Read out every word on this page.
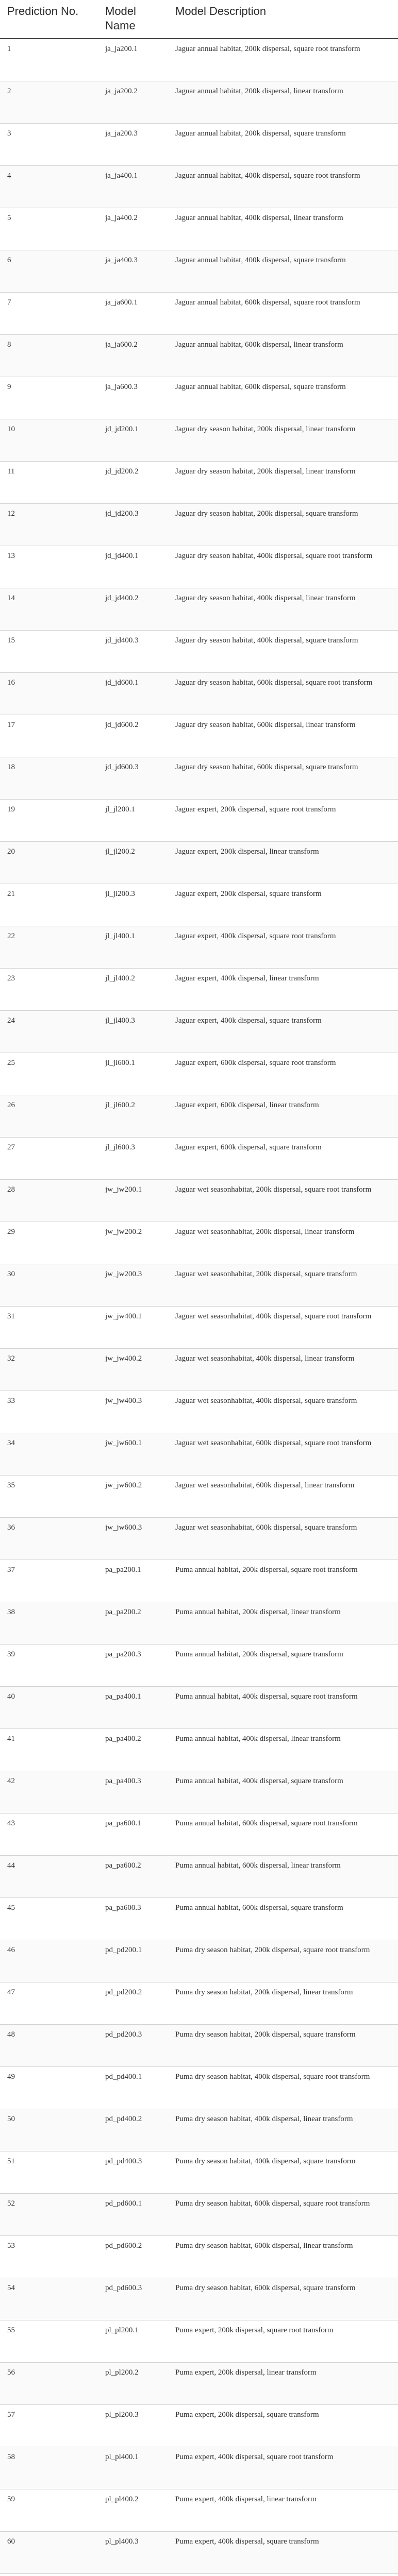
Prediction No.	Model Name	Model Description
1	ja_ja200.1	Jaguar annual habitat, 200k dispersal, square root transform
2	ja_ja200.2	Jaguar annual habitat, 200k dispersal, linear transform
3	ja_ja200.3	Jaguar annual habitat, 200k dispersal, square transform
4	ja_ja400.1	Jaguar annual habitat, 400k dispersal, square root transform
5	ja_ja400.2	Jaguar annual habitat, 400k dispersal, linear transform
6	ja_ja400.3	Jaguar annual habitat, 400k dispersal, square transform
7	ja_ja600.1	Jaguar annual habitat, 600k dispersal, square root transform
8	ja_ja600.2	Jaguar annual habitat, 600k dispersal, linear transform
9	ja_ja600.3	Jaguar annual habitat, 600k dispersal, square transform
10	jd_jd200.1	Jaguar dry season habitat, 200k dispersal, linear transform
11	jd_jd200.2	Jaguar dry season habitat, 200k dispersal, linear transform
12	jd_jd200.3	Jaguar dry season habitat, 200k dispersal, square transform
13	jd_jd400.1	Jaguar dry season habitat, 400k dispersal, square root transform
14	jd_jd400.2	Jaguar dry season habitat, 400k dispersal, linear transform
15	jd_jd400.3	Jaguar dry season habitat, 400k dispersal, square transform
16	jd_jd600.1	Jaguar dry season habitat, 600k dispersal, square root transform
17	jd_jd600.2	Jaguar dry season habitat, 600k dispersal, linear transform
18	jd_jd600.3	Jaguar dry season habitat, 600k dispersal, square transform
19	jl_jl200.1	Jaguar expert, 200k dispersal, square root transform
20	jl_jl200.2	Jaguar expert, 200k dispersal, linear transform
21	jl_jl200.3	Jaguar expert, 200k dispersal, square transform
22	jl_jl400.1	Jaguar expert, 400k dispersal, square root transform
23	jl_jl400.2	Jaguar expert, 400k dispersal, linear transform
24	jl_jl400.3	Jaguar expert, 400k dispersal, square transform
25	jl_jl600.1	Jaguar expert, 600k dispersal, square root transform
26	jl_jl600.2	Jaguar expert, 600k dispersal, linear transform
27	jl_jl600.3	Jaguar expert, 600k dispersal, square transform
28	jw_jw200.1	Jaguar wet seasonhabitat, 200k dispersal, square root transform
29	jw_jw200.2	Jaguar wet seasonhabitat, 200k dispersal, linear transform
30	jw_jw200.3	Jaguar wet seasonhabitat, 200k dispersal, square transform
31	jw_jw400.1	Jaguar wet seasonhabitat, 400k dispersal, square root transform
32	jw_jw400.2	Jaguar wet seasonhabitat, 400k dispersal, linear transform
33	jw_jw400.3	Jaguar wet seasonhabitat, 400k dispersal, square transform
34	jw_jw600.1	Jaguar wet seasonhabitat, 600k dispersal, square root transform
35	jw_jw600.2	Jaguar wet seasonhabitat, 600k dispersal, linear transform
36	jw_jw600.3	Jaguar wet seasonhabitat, 600k dispersal, square transform
37	pa_pa200.1	Puma annual habitat, 200k dispersal, square root transform
38	pa_pa200.2	Puma annual habitat, 200k dispersal, linear transform
39	pa_pa200.3	Puma annual habitat, 200k dispersal, square transform
40	pa_pa400.1	Puma annual habitat, 400k dispersal, square root transform
41	pa_pa400.2	Puma annual habitat, 400k dispersal, linear transform
42	pa_pa400.3	Puma annual habitat, 400k dispersal, square transform
43	pa_pa600.1	Puma annual habitat, 600k dispersal, square root transform
44	pa_pa600.2	Puma annual habitat, 600k dispersal, linear transform
45	pa_pa600.3	Puma annual habitat, 600k dispersal, square transform
46	pd_pd200.1	Puma dry season habitat, 200k dispersal, square root transform
47	pd_pd200.2	Puma dry season habitat, 200k dispersal, linear transform
48	pd_pd200.3	Puma dry season habitat, 200k dispersal, square transform
49	pd_pd400.1	Puma dry season habitat, 400k dispersal, square root transform
50	pd_pd400.2	Puma dry season habitat, 400k dispersal, linear transform
51	pd_pd400.3	Puma dry season habitat, 400k dispersal, square transform
52	pd_pd600.1	Puma dry season habitat, 600k dispersal, square root transform
53	pd_pd600.2	Puma dry season habitat, 600k dispersal, linear transform
54	pd_pd600.3	Puma dry season habitat, 600k dispersal, square transform
55	pl_pl200.1	Puma expert, 200k dispersal, square root transform
56	pl_pl200.2	Puma expert, 200k dispersal, linear transform
57	pl_pl200.3	Puma expert, 200k dispersal, square transform
58	pl_pl400.1	Puma expert, 400k dispersal, square root transform
59	pl_pl400.2	Puma expert, 400k dispersal, linear transform
60	pl_pl400.3	Puma expert, 400k dispersal, square transform
